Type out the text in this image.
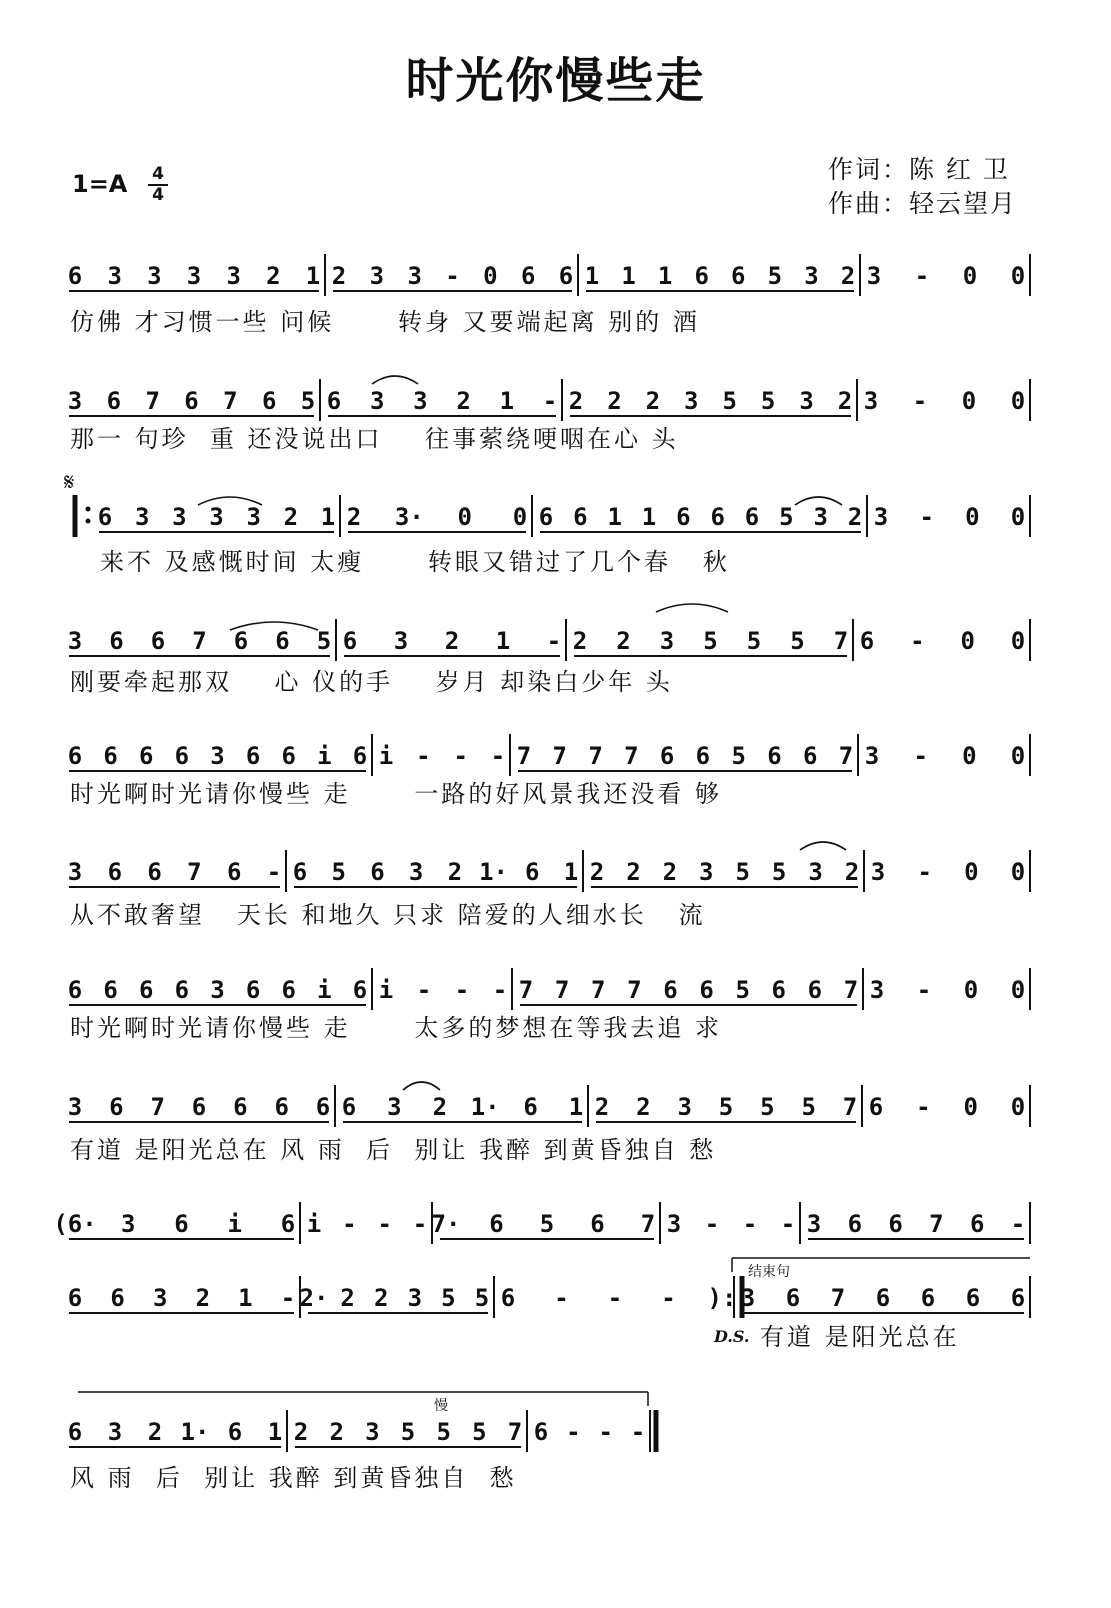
时光你慢些走
1=A 4
4
作词：陈 红 卫
作曲：轻云望月
6 3 3 3 3 2 1 2 3 3 - 0 6 6 1 1 1 6 6 5 3 2 3 - 0 0
仿佛 才习惯一些 问候      转身 又要端起离 别的 酒
3 6 7 6 7 6 5 6 3 3 2 1 - 2 2 2 3 5 5 3 2 3 - 0 0
那一 句珍  重 还没说出口    往事萦绕哽咽在心 头
6 3 3 3 3 2 1 2 3· 0 0 6 6 1 1 6 6 6 5 3 2 3 - 0 0
来不 及感慨时间 太瘦      转眼又错过了几个春   秋
3 6 6 7 6 6 5 6 3 2 1 - 2 2 3 5 5 5 7 6 - 0 0
刚要牵起那双    心 仪的手    岁月 却染白少年 头
6 6 6 6 3 6 6 i 6 i - - - 7 7 7 7 6 6 5 6 6 7 3 - 0 0
时光啊时光请你慢些 走      一路的好风景我还没看 够
3 6 6 7 6 - 6 5 6 3 2 1· 6 1 2 2 2 3 5 5 3 2 3 - 0 0
从不敢奢望   天长 和地久 只求 陪爱的人细水长   流
6 6 6 6 3 6 6 i 6 i - - - 7 7 7 7 6 6 5 6 6 7 3 - 0 0
时光啊时光请你慢些 走      太多的梦想在等我去追 求
3 6 7 6 6 6 6 6 3 2 1· 6 1 2 2 3 5 5 5 7 6 - 0 0
有道 是阳光总在 风 雨  后  别让 我醉 到黄昏独自 愁
(6· 3 6 i 6 i - - - 7· 6 5 6 7 3 - - - 3 6 6 7 6 -
6 6 3 2 1 - 2· 2 2 3 5 5 6 - - - ): 3 6 7 6 6 6 6
有道 是阳光总在
6 3 2 1· 6 1 2 2 3 5 5 5 7 6 - - -
风 雨  后  别让 我醉 到黄昏独自  愁
𝄋
结束句
D.S.
慢
